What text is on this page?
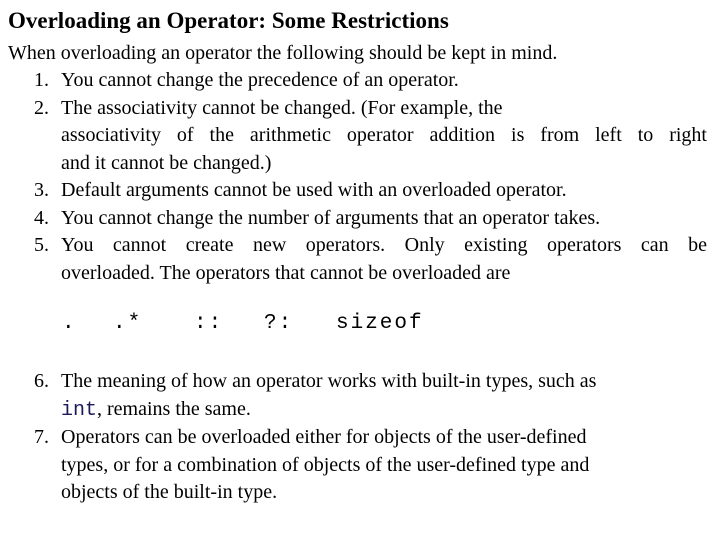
Overloading an Operator: Some Restrictions
When overloading an operator the following should be kept in mind.
1. You cannot change the precedence of an operator.
2. The associativity cannot be changed. (For example, the
associativity of the arithmetic operator addition is from left to right
and it cannot be changed.)
3. Default arguments cannot be used with an overloaded operator.
4. You cannot change the number of arguments that an operator takes.
5. You cannot create new operators. Only existing operators can be
overloaded. The operators that cannot be overloaded are
. .* :: ?: sizeof
6. The meaning of how an operator works with built-in types, such as
int, remains the same.
7. Operators can be overloaded either for objects of the user-defined
types, or for a combination of objects of the user-defined type and
objects of the built-in type.
